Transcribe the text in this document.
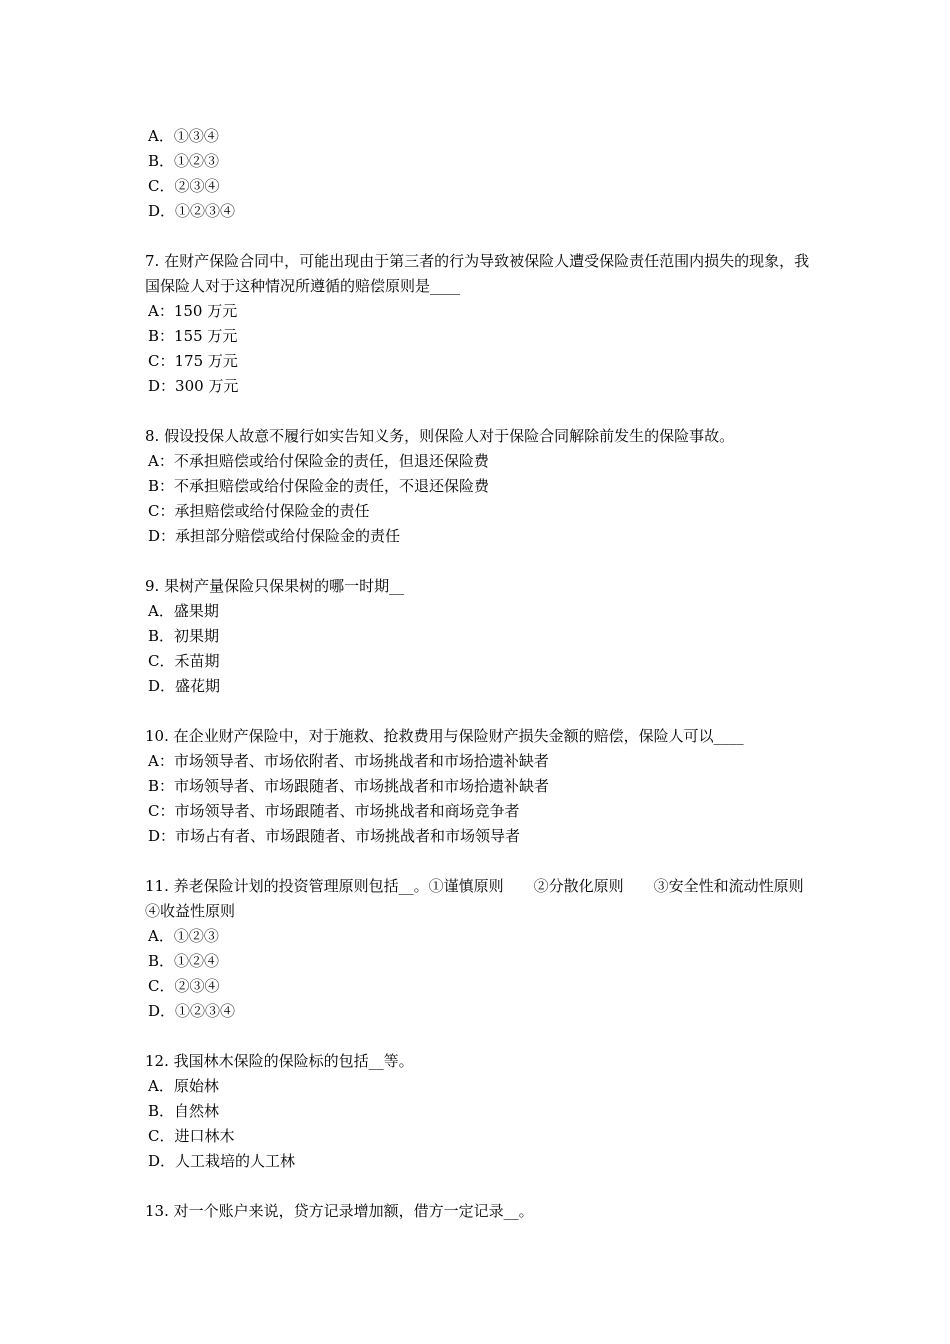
A．①③④
B．①②③
C．②③④
D．①②③④
7. 在财产保险合同中，可能出现由于第三者的行为导致被保险人遭受保险责任范围内损失的现象，我国保险人对于这种情况所遵循的赔偿原则是____
A：150 万元
B：155 万元
C：175 万元
D：300 万元
8. 假设投保人故意不履行如实告知义务，则保险人对于保险合同解除前发生的保险事故。
A：不承担赔偿或给付保险金的责任，但退还保险费
B：不承担赔偿或给付保险金的责任，不退还保险费
C：承担赔偿或给付保险金的责任
D：承担部分赔偿或给付保险金的责任
9. 果树产量保险只保果树的哪一时期__
A．盛果期
B．初果期
C．禾苗期
D．盛花期
10. 在企业财产保险中，对于施救、抢救费用与保险财产损失金额的赔偿，保险人可以____
A：市场领导者、市场依附者、市场挑战者和市场拾遗补缺者
B：市场领导者、市场跟随者、市场挑战者和市场拾遗补缺者
C：市场领导者、市场跟随者、市场挑战者和商场竞争者
D：市场占有者、市场跟随者、市场挑战者和市场领导者
11. 养老保险计划的投资管理原则包括__。①谨慎原则　　②分散化原则　　③安全性和流动性原则　　④收益性原则
A．①②③
B．①②④
C．②③④
D．①②③④
12. 我国林木保险的保险标的包括__等。
A．原始林
B．自然林
C．进口林木
D．人工栽培的人工林
13. 对一个账户来说，贷方记录增加额，借方一定记录__。
